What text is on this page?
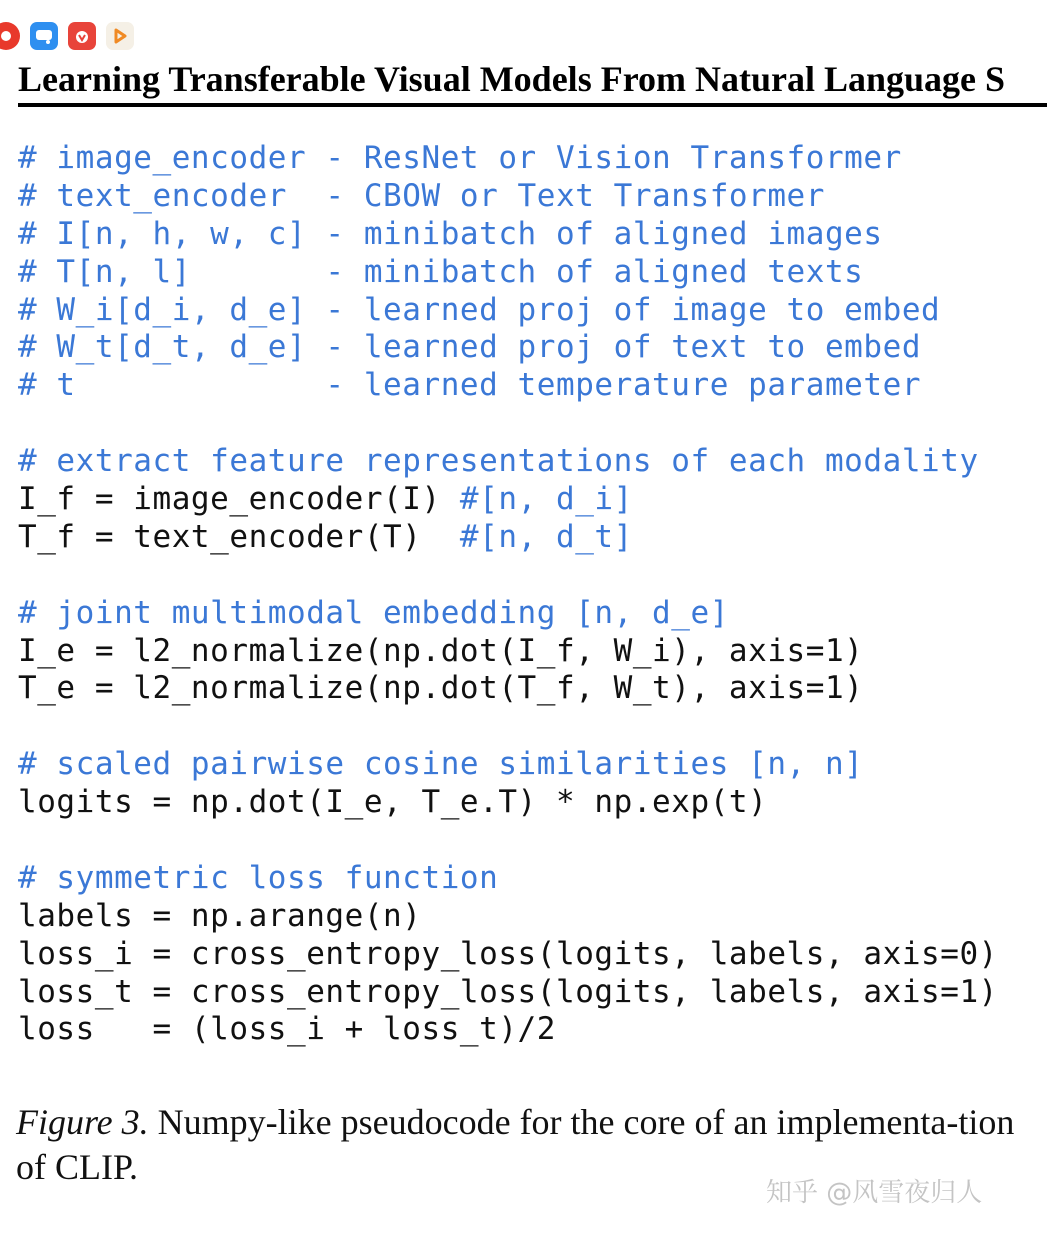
Learning Transferable Visual Models From Natural Language S
# image_encoder - ResNet or Vision Transformer
# text_encoder  - CBOW or Text Transformer
# I[n, h, w, c] - minibatch of aligned images
# T[n, l]       - minibatch of aligned texts
# W_i[d_i, d_e] - learned proj of image to embed
# W_t[d_t, d_e] - learned proj of text to embed
# t             - learned temperature parameter
# extract feature representations of each modality
I_f = image_encoder(I) #[n, d_i]
T_f = text_encoder(T)  #[n, d_t]
# joint multimodal embedding [n, d_e]
I_e = l2_normalize(np.dot(I_f, W_i), axis=1)
T_e = l2_normalize(np.dot(T_f, W_t), axis=1)
# scaled pairwise cosine similarities [n, n]
logits = np.dot(I_e, T_e.T) * np.exp(t)
# symmetric loss function
labels = np.arange(n)
loss_i = cross_entropy_loss(logits, labels, axis=0)
loss_t = cross_entropy_loss(logits, labels, axis=1)
loss   = (loss_i + loss_t)/2
Figure 3. Numpy-like pseudocode for the core of an implementa-tion of CLIP.
知乎 @风雪夜归人
